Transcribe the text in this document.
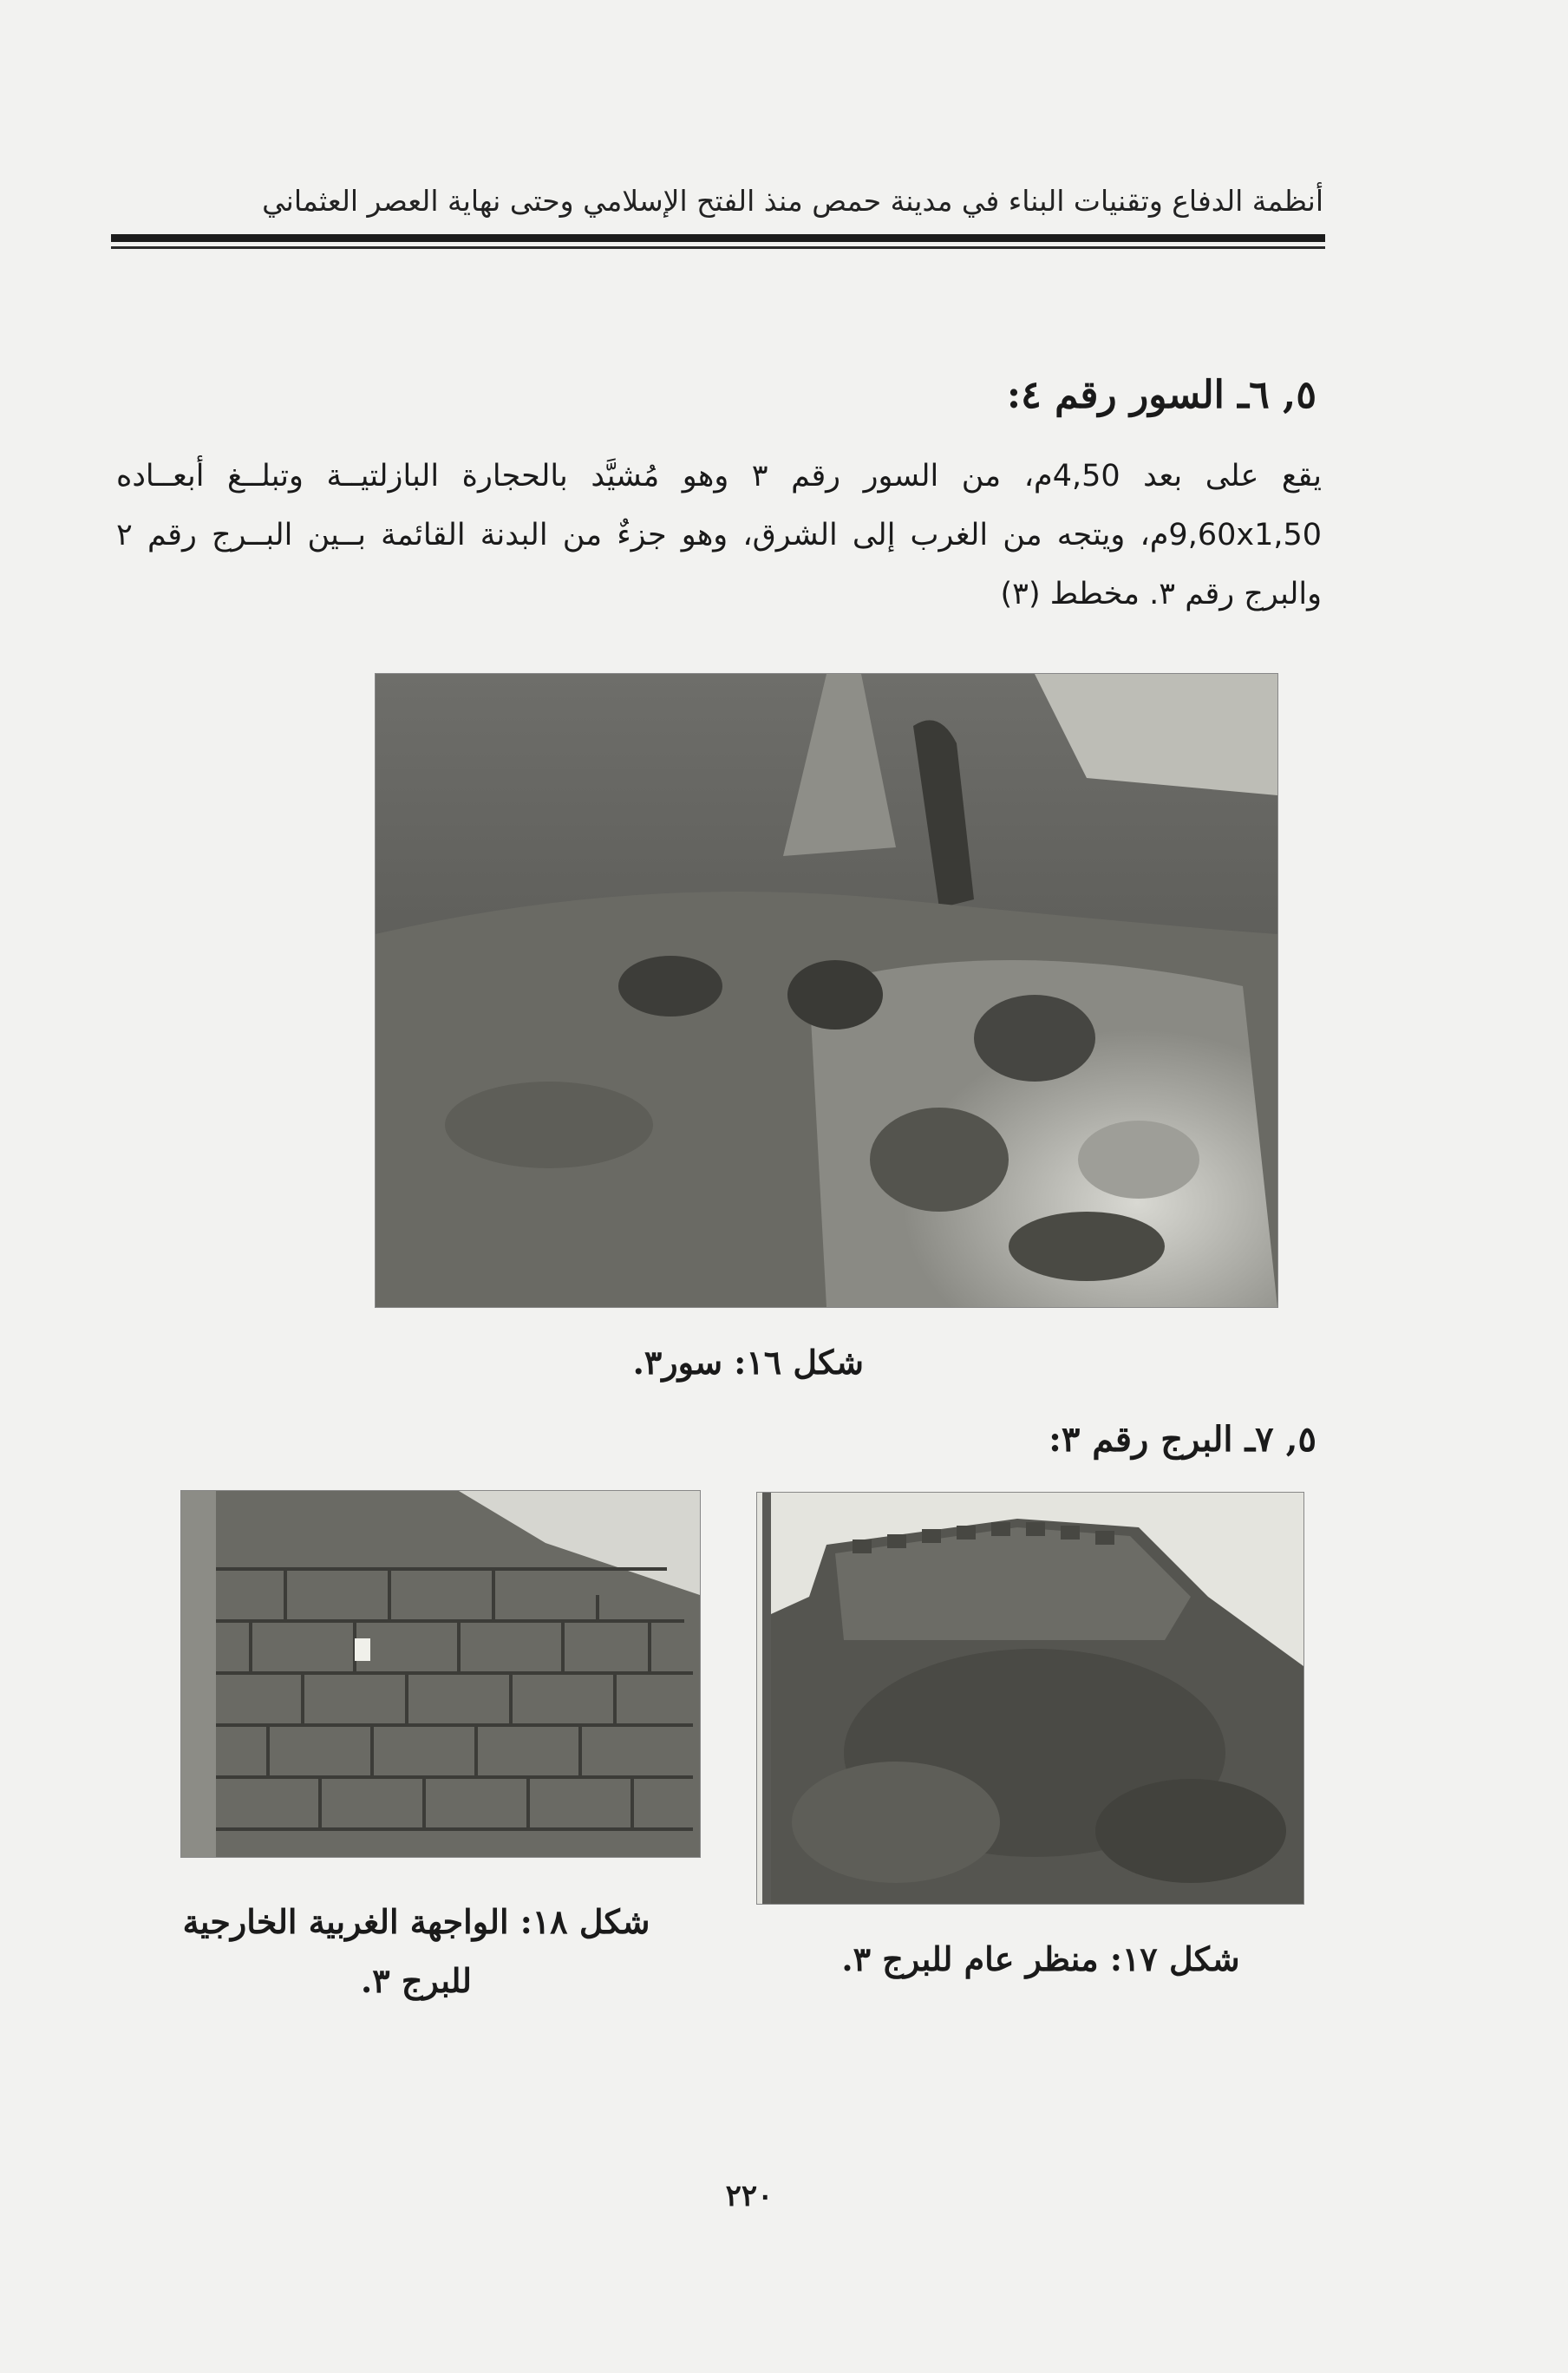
أنظمة الدفاع وتقنيات البناء في مدينة حمص منذ الفتح الإسلامي وحتى نهاية العصر العثماني
٥, ٦ـ السور رقم ٤:
يقع على بعد 4,50م، من السور رقم ٣ وهو مُشيَّد بالحجارة البازلتيــة وتبلــغ أبعــاده 9,60x1,50م، ويتجه من الغرب إلى الشرق، وهو جزءٌ من البدنة القائمة بــين البــرج رقم ٢ والبرج رقم ٣. مخطط (٣)
شكل ١٦: سور٣.
٥, ٧ـ البرج رقم ٣:
شكل ١٨: الواجهة الغربية الخارجية
للبرج ٣.
شكل ١٧: منظر عام للبرج ٣.
٢٢٠
